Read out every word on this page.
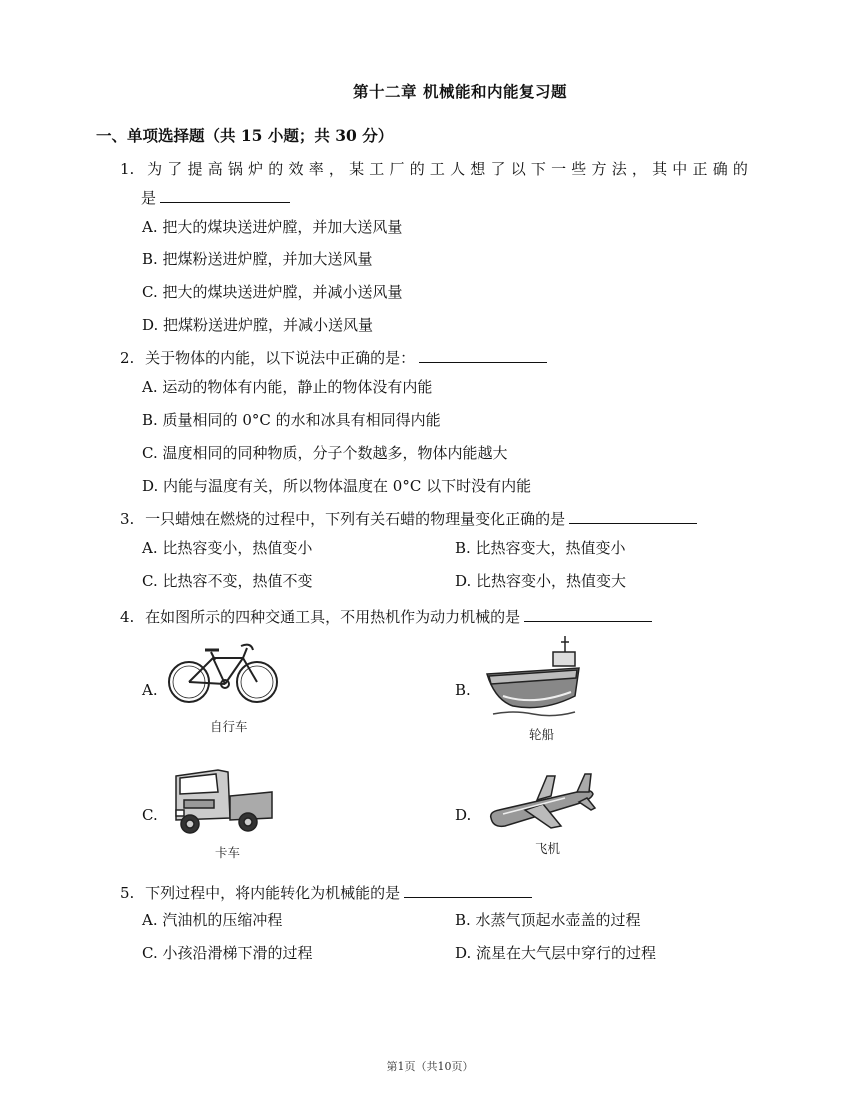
第十二章 机械能和内能复习题
一、单项选择题（共 15 小题；共 30 分）
1. 为了提高锅炉的效率，某工厂的工人想了以下一些方法，其中正确的
是
A. 把大的煤块送进炉膛，并加大送风量
B. 把煤粉送进炉膛，并加大送风量
C. 把大的煤块送进炉膛，并减小送风量
D. 把煤粉送进炉膛，并减小送风量
2. 关于物体的内能，以下说法中正确的是：
A. 运动的物体有内能，静止的物体没有内能
B. 质量相同的 0°C 的水和冰具有相同得内能
C. 温度相同的同种物质，分子个数越多，物体内能越大
D. 内能与温度有关，所以物体温度在 0°C 以下时没有内能
3. 一只蜡烛在燃烧的过程中，下列有关石蜡的物理量变化正确的是
A. 比热容变小，热值变小	B. 比热容变大，热值变小
C. 比热容不变，热值不变	D. 比热容变小，热值变大
4. 在如图所示的四种交通工具，不用热机作为动力机械的是
A.	B.
C.	D.
自行车
轮船
卡车	飞机
5. 下列过程中，将内能转化为机械能的是
A. 汽油机的压缩冲程	B. 水蒸气顶起水壶盖的过程
C. 小孩沿滑梯下滑的过程	D. 流星在大气层中穿行的过程
第1页（共10页）
